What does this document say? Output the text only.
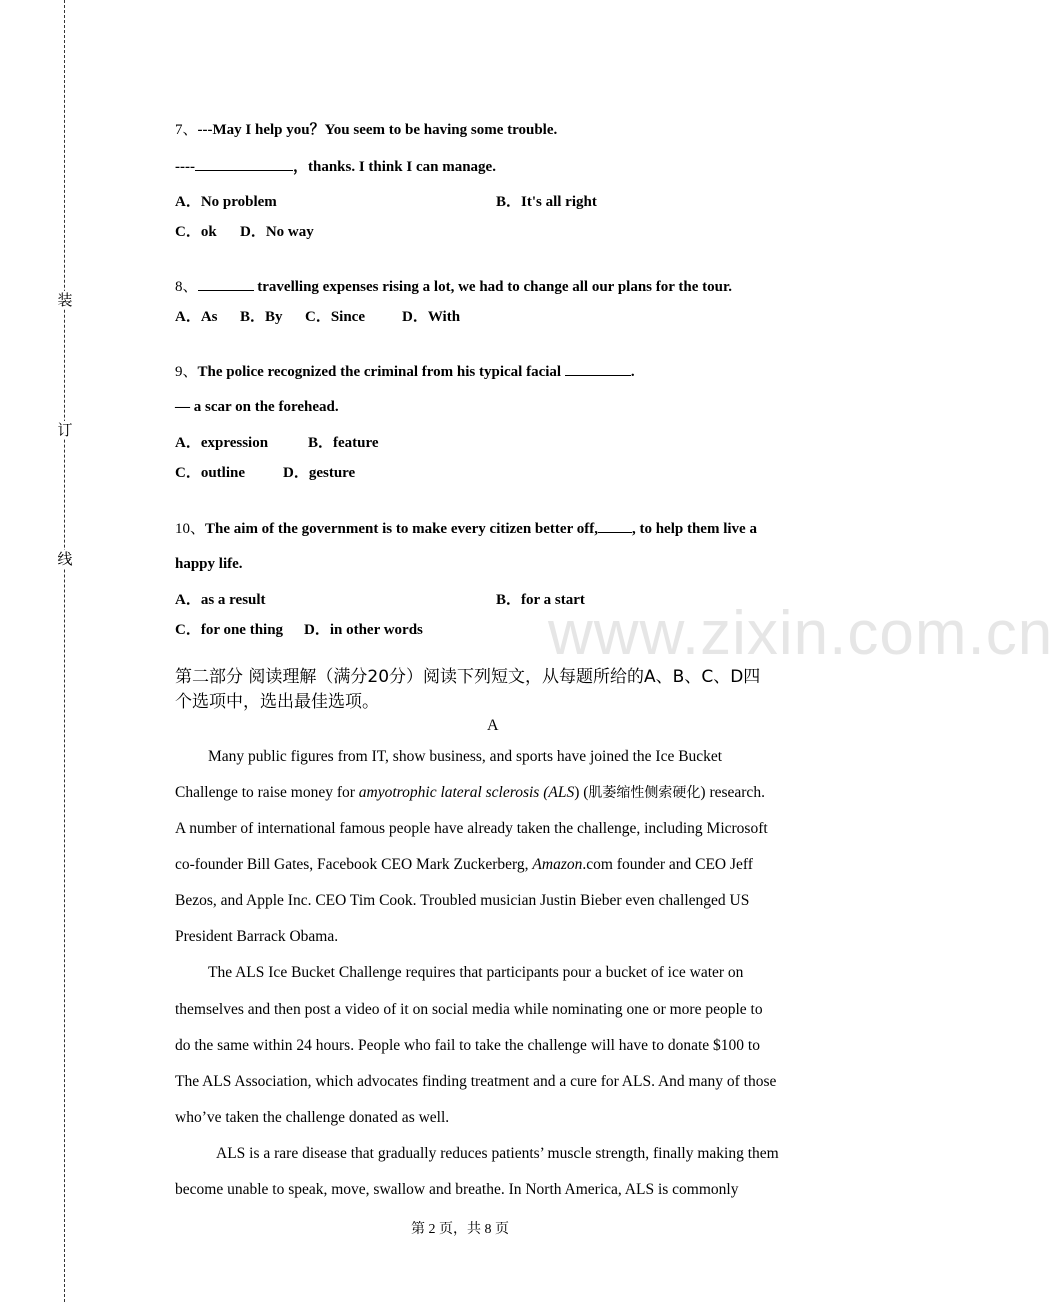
装
订
线
www.zixin.com.cn
7、---May I help you？You seem to be having some trouble.
----	，thanks. I think I can manage.
A．No problem	B．It's all right
C．ok D．No way
8、	travelling expenses rising a lot, we had to change all our plans for the tour.
A．As B．By C．Since D．With
9、The police recognized the criminal from his typical facial	.
— a scar on the forehead.
A．expression	B．feature
C．outline	D．gesture
10、The aim of the government is to make every citizen better off, , to help them live a
happy life.
A．as a result	B．for a start
C．for one thing D．in other words
第二部分 阅读理解（满分20分）阅读下列短文，从每题所给的A、B、C、D四
个选项中，选出最佳选项。
A
Many public figures from IT, show business, and sports have joined the Ice Bucket
Challenge to raise money for amyotrophic lateral sclerosis (ALS) (肌萎缩性侧索硬化) research.
A number of international famous people have already taken the challenge, including Microsoft
co-founder Bill Gates, Facebook CEO Mark Zuckerberg, Amazon.com founder and CEO Jeff
Bezos, and Apple Inc. CEO Tim Cook. Troubled musician Justin Bieber even challenged US
President Barrack Obama.
The ALS Ice Bucket Challenge requires that participants pour a bucket of ice water on
themselves and then post a video of it on social media while nominating one or more people to
do the same within 24 hours. People who fail to take the challenge will have to donate $100 to
The ALS Association, which advocates finding treatment and a cure for ALS. And many of those
who’ve taken the challenge donated as well.
ALS is a rare disease that gradually reduces patients’ muscle strength, finally making them
become unable to speak, move, swallow and breathe. In North America, ALS is commonly
第 2 页，共 8 页
